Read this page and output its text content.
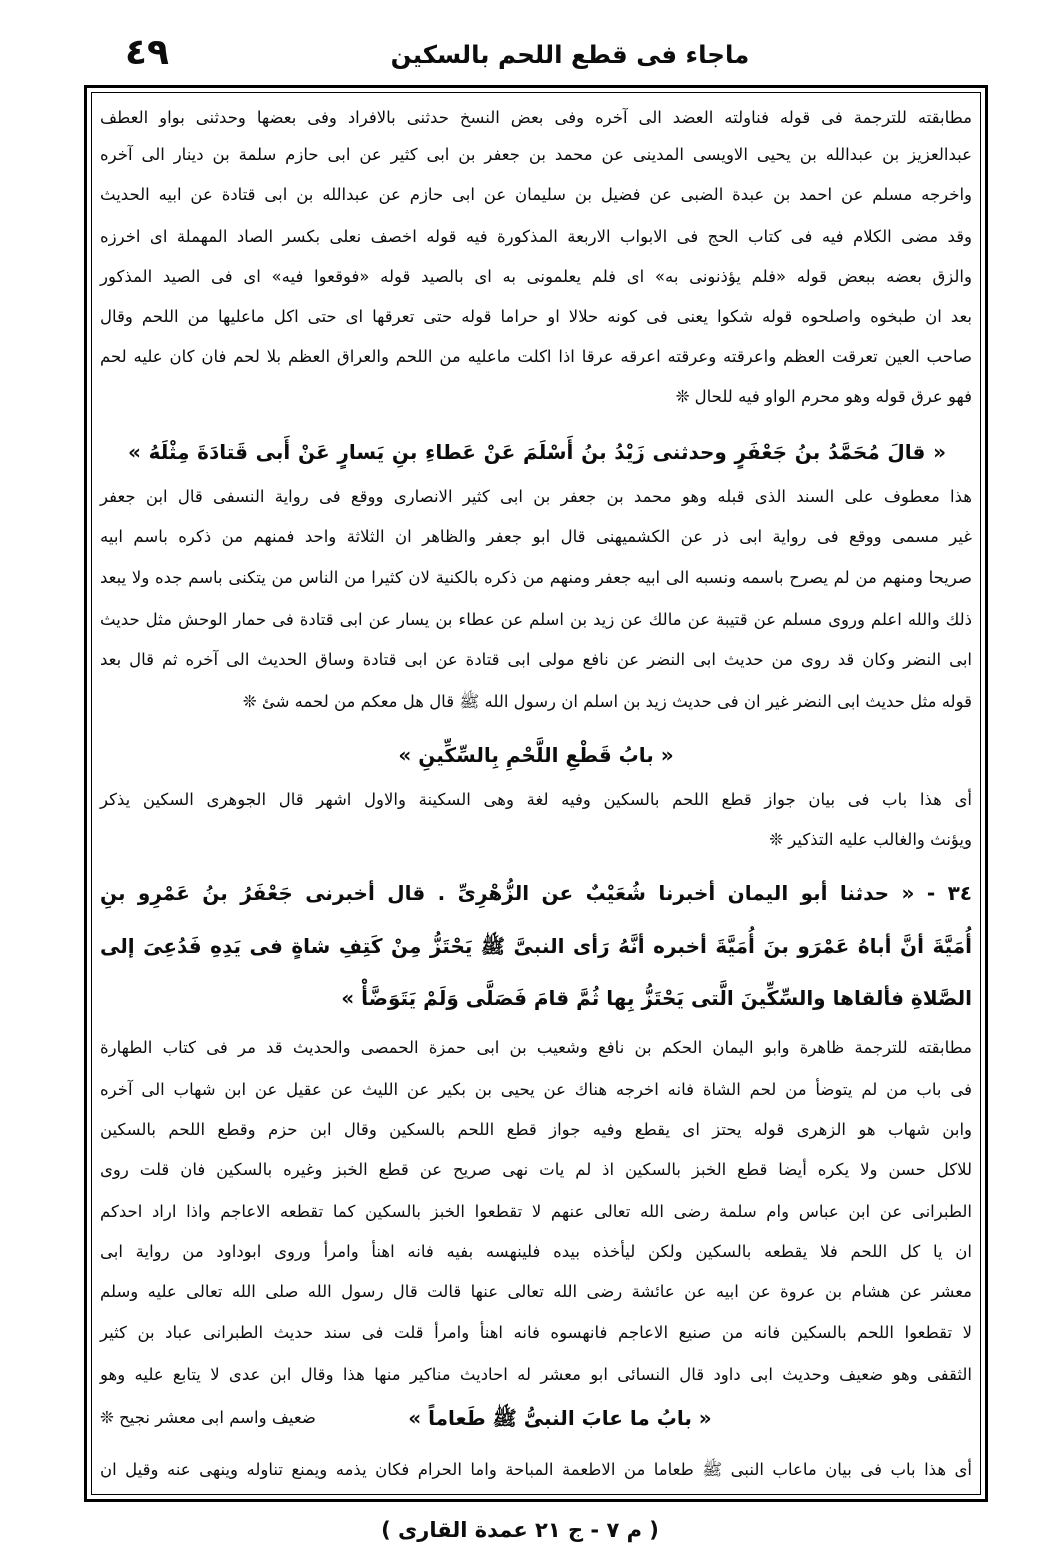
٤٩	ماجاء فى قطع اللحم بالسكين
مطابقته للترجمة فى قوله فناولته العضد الى آخره وفى بعض النسخ حدثنى بالافراد وفى بعضها وحدثنى بواو العطف
عبدالعزيز بن عبدالله بن يحيى الاويسى المدينى عن محمد بن جعفر بن ابى كثير عن ابى حازم سلمة بن دينار الى آخره
واخرجه مسلم عن احمد بن عبدة الضبى عن فضيل بن سليمان عن ابى حازم عن عبدالله بن ابى قتادة عن ابيه الحديث
وقد مضى الكلام فيه فى كتاب الحج فى الابواب الاربعة المذكورة فيه قوله اخصف نعلى بكسر الصاد المهملة اى اخرزه
والزق بعضه ببعض قوله «فلم يؤذنونى به» اى فلم يعلمونى به اى بالصيد قوله «فوقعوا فيه» اى فى الصيد المذكور
بعد ان طبخوه واصلحوه قوله شكوا يعنى فى كونه حلالا او حراما قوله حتى تعرقها اى حتى اكل ماعليها من اللحم وقال
صاحب العين تعرقت العظم واعرقته وعرقته اعرقه عرقا اذا اكلت ماعليه من اللحم والعراق العظم بلا لحم فان كان عليه لحم
فهو عرق قوله وهو محرم الواو فيه للحال ❊
« قالَ مُحَمَّدُ بنُ جَعْفَرٍ وحدثنى زَيْدُ بنُ أَسْلَمَ عَنْ عَطاءِ بنِ يَسارٍ عَنْ أَبى قَتادَةَ مِثْلَهُ »
هذا معطوف على السند الذى قبله وهو محمد بن جعفر بن ابى كثير الانصارى ووقع فى رواية النسفى قال ابن جعفر
غير مسمى ووقع فى رواية ابى ذر عن الكشميهنى قال ابو جعفر والظاهر ان الثلاثة واحد فمنهم من ذكره باسم ابيه
صريحا ومنهم من لم يصرح باسمه ونسبه الى ابيه جعفر ومنهم من ذكره بالكنية لان كثيرا من الناس من يتكنى باسم جده ولا يبعد
ذلك والله اعلم وروى مسلم عن قتيبة عن مالك عن زيد بن اسلم عن عطاء بن يسار عن ابى قتادة فى حمار الوحش مثل حديث
ابى النضر وكان قد روى من حديث ابى النضر عن نافع مولى ابى قتادة عن ابى قتادة وساق الحديث الى آخره ثم قال بعد
قوله مثل حديث ابى النضر غير ان فى حديث زيد بن اسلم ان رسول الله ﷺ قال هل معكم من لحمه شئ ❊
« بابُ قَطْعِ اللَّحْمِ بِالسِّكِّينِ »
أى هذا باب فى بيان جواز قطع اللحم بالسكين وفيه لغة وهى السكينة والاول اشهر قال الجوهرى السكين يذكر
ويؤنث والغالب عليه التذكير ❊
٣٤ - « حدثنا أبو اليمان أخبرنا شُعَيْبٌ عن الزُّهْرِىِّ . قال أخبرنى جَعْفَرُ بنُ عَمْرِو بنِ
أُمَيَّةَ أنَّ أباهُ عَمْرَو بنَ أُمَيَّةَ أخبره أنَّهُ رَأى النبىَّ ﷺ يَحْتَزُّ مِنْ كَتِفِ شاةٍ فى يَدِهِ فَدُعِىَ إلى
الصَّلاةِ فألقاها والسِّكِّينَ الَّتى يَحْتَزُّ بِها ثُمَّ قامَ فَصَلَّى وَلَمْ يَتَوَضَّأْ »
مطابقته للترجمة ظاهرة وابو اليمان الحكم بن نافع وشعيب بن ابى حمزة الحمصى والحديث قد مر فى كتاب الطهارة
فى باب من لم يتوضأ من لحم الشاة فانه اخرجه هناك عن يحيى بن بكير عن الليث عن عقيل عن ابن شهاب الى آخره
وابن شهاب هو الزهرى قوله يحتز اى يقطع وفيه جواز قطع اللحم بالسكين وقال ابن حزم وقطع اللحم بالسكين
للاكل حسن ولا يكره أيضا قطع الخبز بالسكين اذ لم يات نهى صريح عن قطع الخبز وغيره بالسكين فان قلت روى
الطبرانى عن ابن عباس وام سلمة رضى الله تعالى عنهم لا تقطعوا الخبز بالسكين كما تقطعه الاعاجم واذا اراد احدكم
ان يا كل اللحم فلا يقطعه بالسكين ولكن ليأخذه بيده فلينهسه بفيه فانه اهنأ وامرأ وروى ابوداود من رواية ابى
معشر عن هشام بن عروة عن ابيه عن عائشة رضى الله تعالى عنها قالت قال رسول الله صلى الله تعالى عليه وسلم
لا تقطعوا اللحم بالسكين فانه من صنيع الاعاجم فانهسوه فانه اهنأ وامرأ قلت فى سند حديث الطبرانى عباد بن كثير
الثقفى وهو ضعيف وحديث ابى داود قال النسائى ابو معشر له احاديث مناكير منها هذا وقال ابن عدى لا يتابع عليه وهو
ضعيف واسم ابى معشر نجيح ❊	« بابُ ما عابَ النبىُّ ﷺ طَعاماً »
أى هذا باب فى بيان ماعاب النبى ﷺ طعاما من الاطعمة المباحة واما الحرام فكان يذمه ويمنع تناوله وينهى عنه وقيل ان
( م ٧ - ج ٢١ عمدة القارى )
